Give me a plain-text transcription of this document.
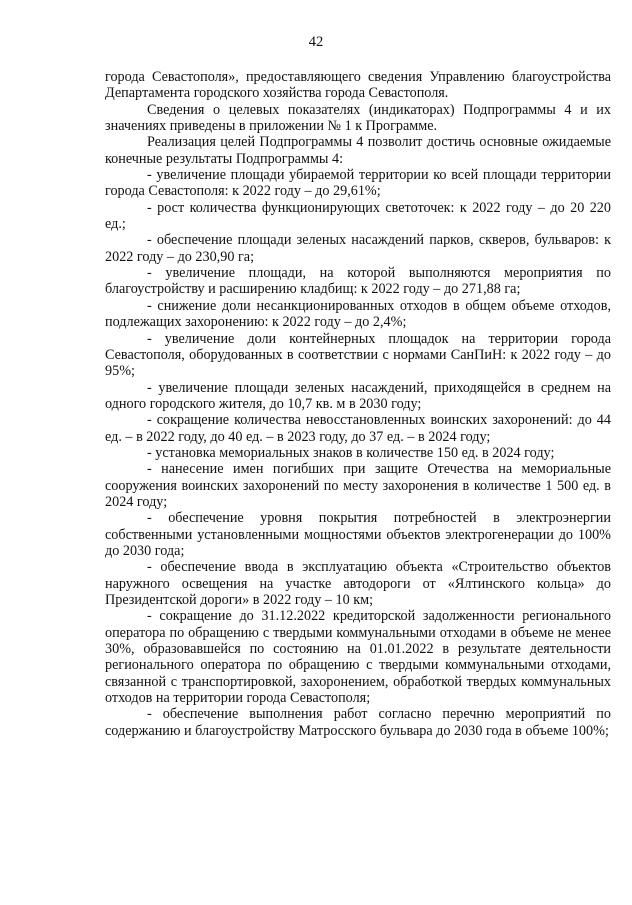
42

города Севастополя», предоставляющего сведения Управлению благоустройства Департамента городского хозяйства города Севастополя.

Сведения о целевых показателях (индикаторах) Подпрограммы 4 и их значениях приведены в приложении № 1 к Программе.

Реализация целей Подпрограммы 4 позволит достичь основные ожидаемые конечные результаты Подпрограммы 4:

- увеличение площади убираемой территории ко всей площади территории города Севастополя: к 2022 году – до 29,61%;

- рост количества функционирующих светоточек: к 2022 году – до 20 220 ед.;

- обеспечение площади зеленых насаждений парков, скверов, бульваров: к 2022 году – до 230,90 га;

- увеличение площади, на которой выполняются мероприятия по благоустройству и расширению кладбищ: к 2022 году – до 271,88 га;

- снижение доли несанкционированных отходов в общем объеме отходов, подлежащих захоронению: к 2022 году – до 2,4%;

- увеличение доли контейнерных площадок на территории города Севастополя, оборудованных в соответствии с нормами СанПиН: к 2022 году – до 95%;

- увеличение площади зеленых насаждений, приходящейся в среднем на одного городского жителя, до 10,7 кв. м в 2030 году;

- сокращение количества невосстановленных воинских захоронений: до 44 ед. – в 2022 году, до 40 ед. – в 2023 году, до 37 ед. – в 2024 году;

- установка мемориальных знаков в количестве 150 ед. в 2024 году;

- нанесение имен погибших при защите Отечества на мемориальные сооружения воинских захоронений по месту захоронения в количестве 1 500 ед. в 2024 году;

- обеспечение уровня покрытия потребностей в электроэнергии собственными установленными мощностями объектов электрогенерации до 100% до 2030 года;

- обеспечение ввода в эксплуатацию объекта «Строительство объектов наружного освещения на участке автодороги от «Ялтинского кольца» до Президентской дороги» в 2022 году – 10 км;

- сокращение до 31.12.2022 кредиторской задолженности регионального оператора по обращению с твердыми коммунальными отходами в объеме не менее 30%, образовавшейся по состоянию на 01.01.2022 в результате деятельности регионального оператора по обращению с твердыми коммунальными отходами, связанной с транспортировкой, захоронением, обработкой твердых коммунальных отходов на территории города Севастополя;

- обеспечение выполнения работ согласно перечню мероприятий по содержанию и благоустройству Матросского бульвара до 2030 года в объеме 100%;
